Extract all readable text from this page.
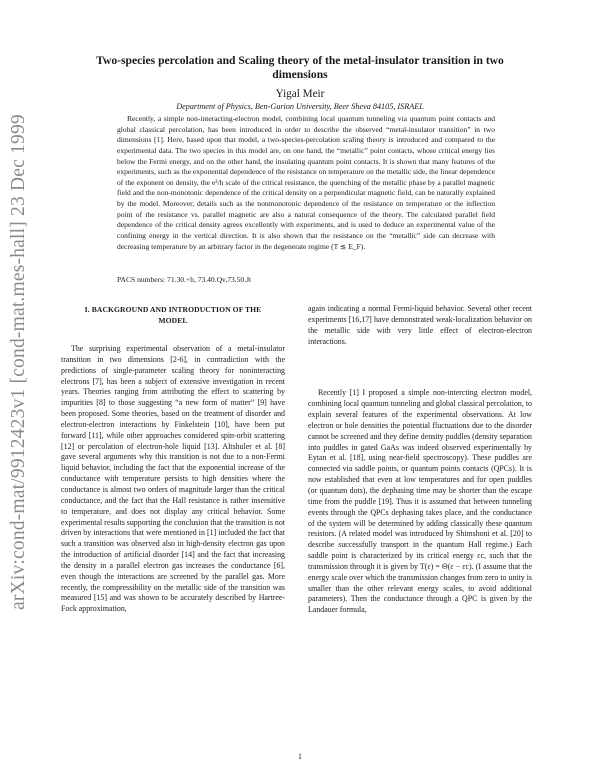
arXiv:cond-mat/9912423v1 [cond-mat.mes-hall] 23 Dec 1999
Two-species percolation and Scaling theory of the metal-insulator transition in two dimensions
Yigal Meir
Department of Physics, Ben-Gurion University, Beer Sheva 84105, ISRAEL

Recently, a simple non-interacting-electron model, combining local quantum tunneling via quantum point contacts and global classical percolation, has been introduced in order to describe the observed “metal-insulator transition” in two dimensions [1]. Here, based upon that model, a two-species-percolation scaling theory is introduced and compared to the experimental data. The two species in this model are, on one hand, the “metallic” point contacts, whose critical energy lies below the Fermi energy, and on the other hand, the insulating quantum point contacts. It is shown that many features of the experiments, such as the exponential dependence of the resistance on temperature on the metallic side, the linear dependence of the exponent on density, the e²/h scale of the critical resistance, the quenching of the metallic phase by a parallel magnetic field and the non-monotonic dependence of the critical density on a perpendicular magnetic field, can be naturally explained by the model. Moreover, details such as the nonmonotonic dependence of the resistance on temperature or the inflection point of the resistance vs. parallel magnetic are also a natural consequence of the theory. The calculated parallel field dependence of the critical density agrees excellently with experiments, and is used to deduce an experimental value of the confining energy in the vertical direction. It is also shown that the resistance on the “metallic” side can decrease with decreasing temperature by an arbitrary factor in the degenerate regime (T ≲ E_F).

PACS numbers: 71.30.+h, 73.40.Qv,73.50.Jt
I. BACKGROUND AND INTRODUCTION OF THE MODEL

The surprising experimental observation of a metal-insulator transition in two dimensions [2-6], in contradiction with the predictions of single-parameter scaling theory for noninteracting electrons [7], has been a subject of extensive investigation in recent years. Theories ranging from attributing the effect to scattering by impurities [8] to those suggesting “a new form of matter” [9] have been proposed. Some theories, based on the treatment of disorder and electron-electron interactions by Finkelstein [10], have been put forward [11], while other approaches considered spin-orbit scattering [12] or percolation of electron-hole liquid [13]. Altshuler et al. [8] gave several arguments why this transition is not due to a non-Fermi liquid behavior, including the fact that the exponential increase of the conductance with temperature persists to high densities where the conductance is almost two orders of magnitude larger than the critical conductance, and the fact that the Hall resistance is rather insensitive to temperature, and does not display any critical behavior. Some experimental results supporting the conclusion that the transition is not driven by interactions that were mentioned in [1] included the fact that such a transition was observed also in high-density electron gas upon the introduction of artificial disorder [14] and the fact that increasing the density in a parallel electron gas increases the conductance [6], even though the interactions are screened by the parallel gas. More recently, the compressibility on the metallic side of the transition was measured [15] and was shown to be accurately described by Hartree-Fock approximation,

again indicating a normal Fermi-liquid behavior. Several other recent experiments [16,17] have demonstrated weak-localization behavior on the metallic side with very little effect of electron-electron interactions.

Recently [1] I proposed a simple non-intercting electron model, combining local quantum tunneling and global classical percolation, to explain several features of the experimental observations. At low electron or hole densities the potential fluctuations due to the disorder cannot be screened and they define density puddles (density separation into puddles in gated GaAs was indeed observed experimentally by Eytan et al. [18], using near-field spectroscopy). These puddles are connected via saddle points, or quantum points contacts (QPCs). It is now established that even at low temperatures and for open puddles (or quantum dots), the dephasing time may be shorter than the escape time from the puddle [19]. Thus it is assumed that between tunneling events through the QPCs dephasing takes place, and the conductance of the system will be determined by adding classically these quantum resistors. (A related model was introduced by Shimshoni et al. [20] to describe successfully transport in the quantum Hall regime.) Each saddle point is characterized by its critical energy εc, such that the transmission through it is given by T(ε) = Θ(ε − εc). (I assume that the energy scale over which the transmission changes from zero to unity is smaller than the other relevant energy scales, to avoid additional parameters). Then the conductance through a QPC is given by the Landauer formula,

1
